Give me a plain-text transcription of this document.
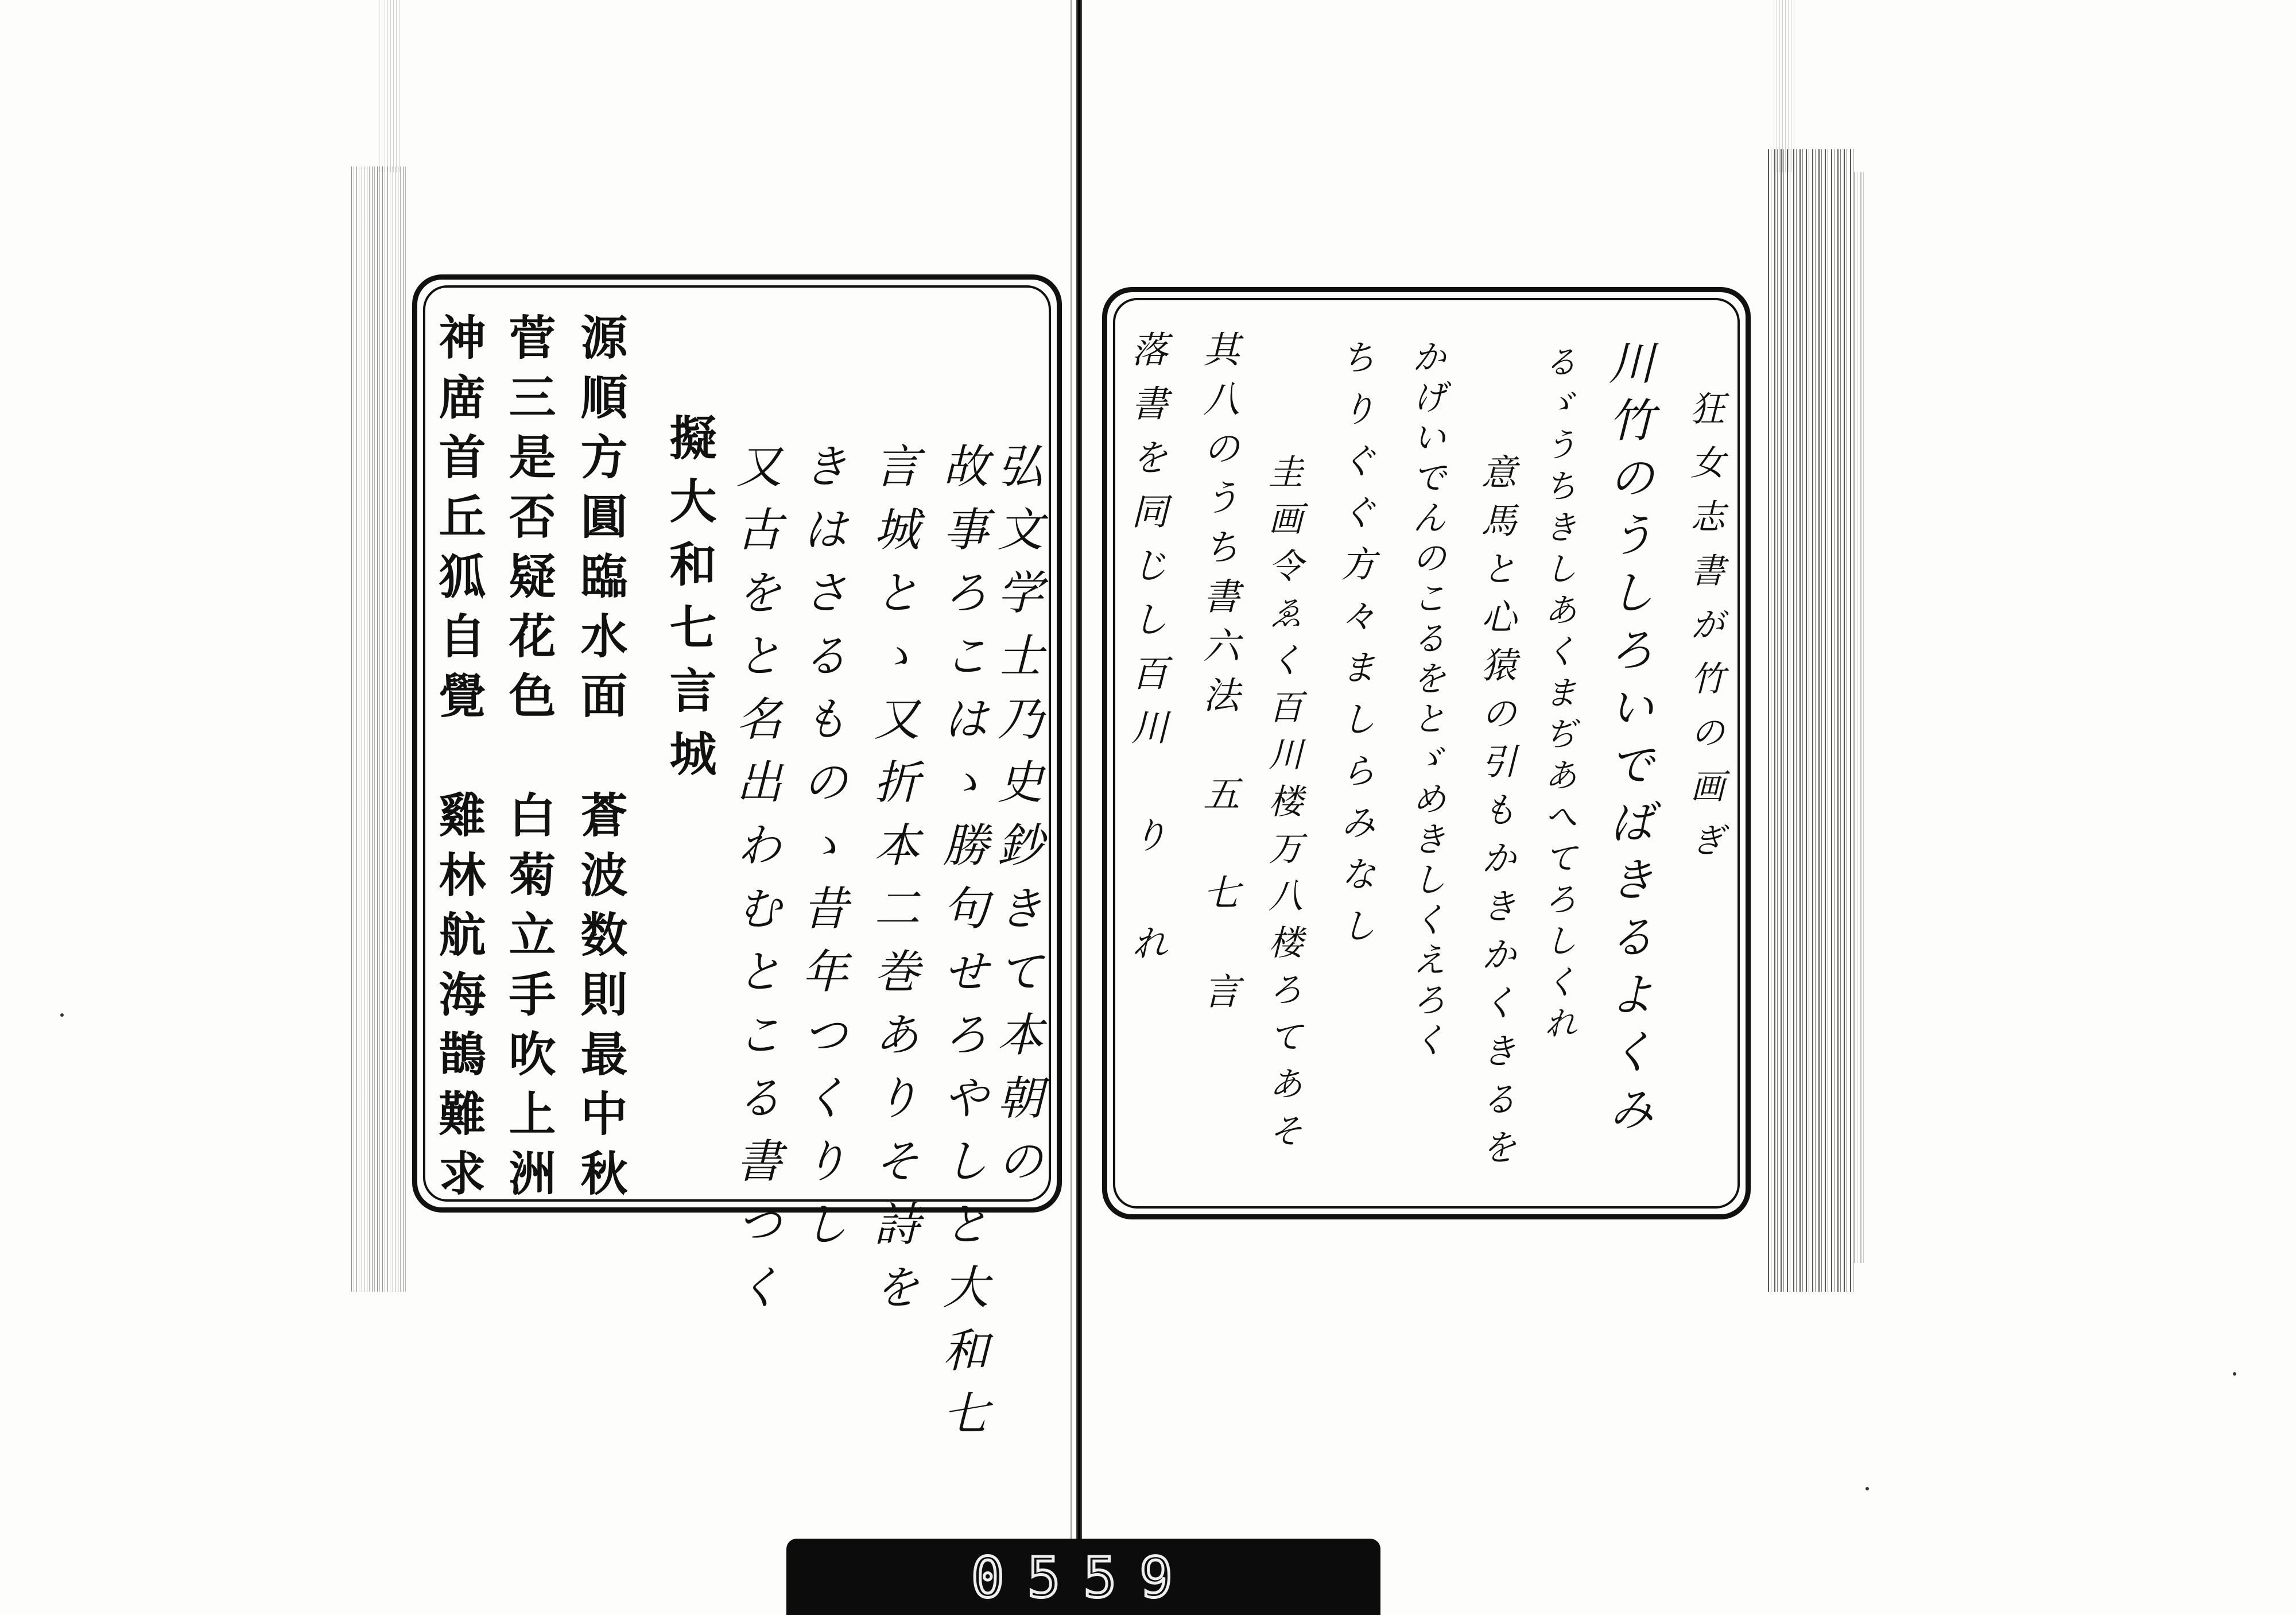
弘文学士乃史鈔きて本朝の
故事ろこはゝ勝句せろやしと大和七
言城とゝ又折本二巻ありそ詩を
きはさるものゝ昔年つくりし
又古をと名出わむとこる書つく
擬大和七言城
源順方圓臨水面　蒼波数則最中秋
菅三是否疑花色　白菊立手吹上洲
神庿首丘狐自覺　雞林航海鵲難求	狂女志書が竹の画ぎ
川竹のうしろいでばきるよくみ
るゞうちきしあくまぢあへてろしくれ
意馬と心猿の引もかきかくきるを
かげいでんのこるをとゞめきしくえろく
ちりぐぐ方々ましらみなし
圭画令ゑく百川楼万八楼ろてあそ
其八のうち書六法　五　七　言
落書を同じし百川　り　れ
0559
